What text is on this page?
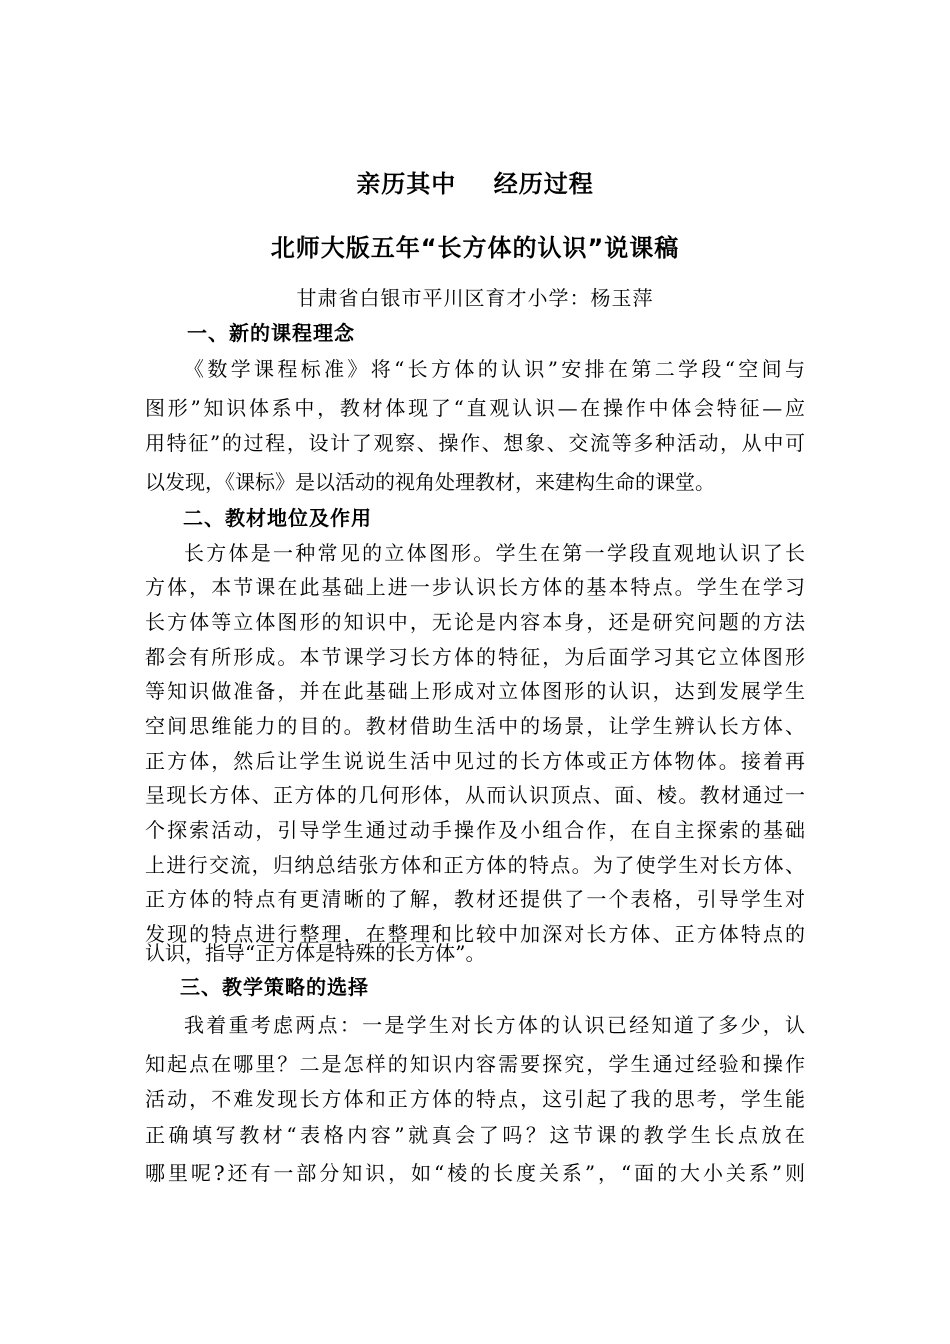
亲历其中    经历过程
北师大版五年“长方体的认识”说课稿
甘肃省白银市平川区育才小学：杨玉萍
一、新的课程理念
《数学课程标准》将“长方体的认识”安排在第二学段“空间与
图形”知识体系中，教材体现了“直观认识—在操作中体会特征—应
用特征”的过程，设计了观察、操作、想象、交流等多种活动，从中可
以发现，《课标》是以活动的视角处理教材，来建构生命的课堂。
二、教材地位及作用
长方体是一种常见的立体图形。学生在第一学段直观地认识了长
方体，本节课在此基础上进一步认识长方体的基本特点。学生在学习
长方体等立体图形的知识中，无论是内容本身，还是研究问题的方法
都会有所形成。本节课学习长方体的特征，为后面学习其它立体图形
等知识做准备，并在此基础上形成对立体图形的认识，达到发展学生
空间思维能力的目的。教材借助生活中的场景，让学生辨认长方体、
正方体，然后让学生说说生活中见过的长方体或正方体物体。接着再
呈现长方体、正方体的几何形体，从而认识顶点、面、棱。教材通过一
个探索活动，引导学生通过动手操作及小组合作，在自主探索的基础
上进行交流，归纳总结张方体和正方体的特点。为了使学生对长方体、
正方体的特点有更清晰的了解，教材还提供了一个表格，引导学生对
发现的特点进行整理，在整理和比较中加深对长方体、正方体特点的
认识，指导“正方体是特殊的长方体”。
三、教学策略的选择
我着重考虑两点：一是学生对长方体的认识已经知道了多少，认
知起点在哪里？二是怎样的知识内容需要探究，学生通过经验和操作
活动，不难发现长方体和正方体的特点，这引起了我的思考，学生能
正确填写教材“表格内容”就真会了吗？这节课的教学生长点放在
哪里呢?还有一部分知识，如“棱的长度关系”，“面的大小关系”则
